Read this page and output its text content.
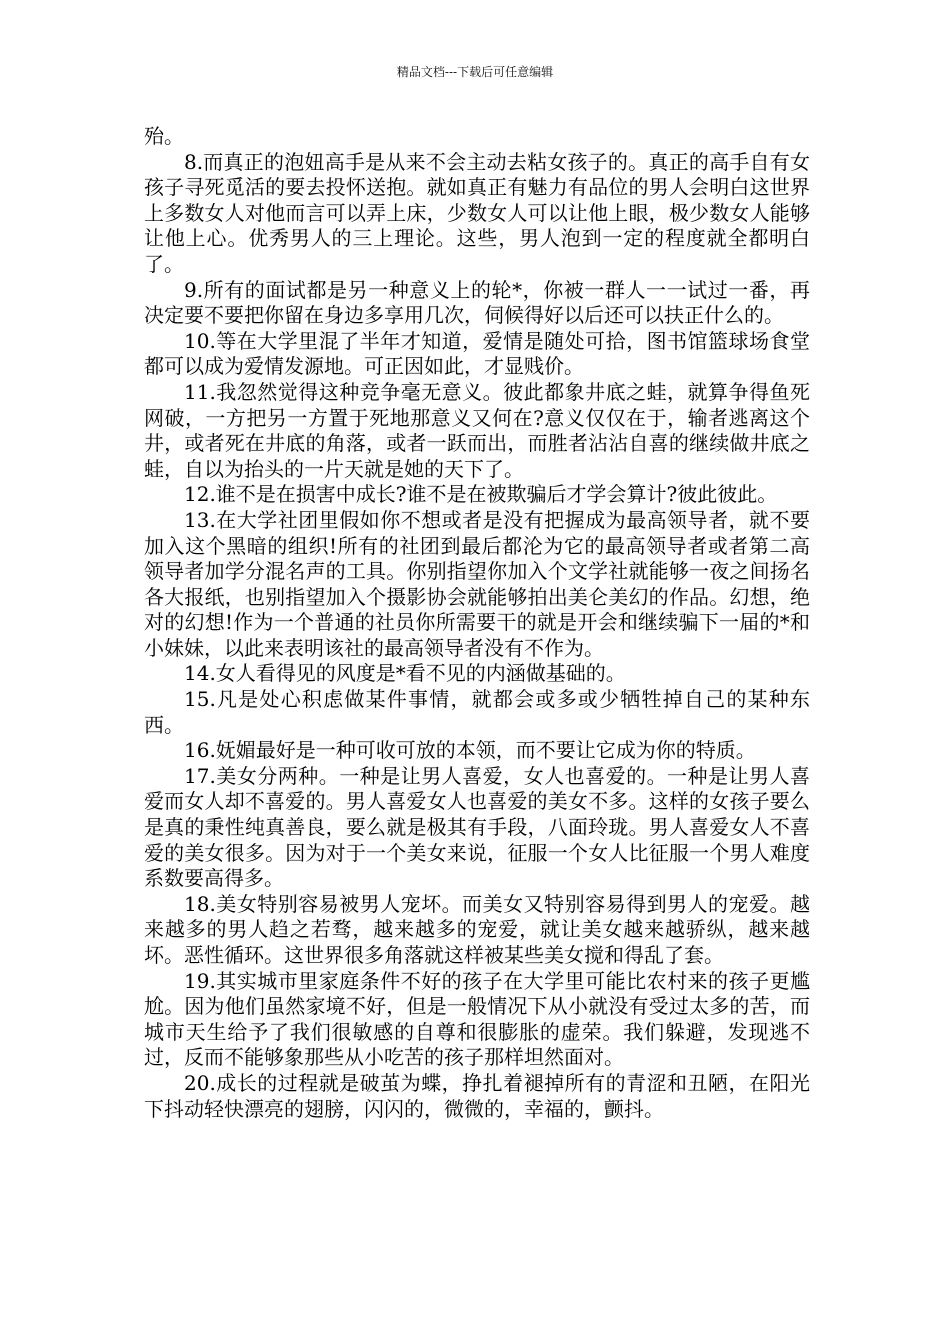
精品文档---下载后可任意编辑

殆。

8.而真正的泡妞高手是从来不会主动去粘女孩子的。真正的高手自有女孩子寻死觅活的要去投怀送抱。就如真正有魅力有品位的男人会明白这世界上多数女人对他而言可以弄上床，少数女人可以让他上眼，极少数女人能够让他上心。优秀男人的三上理论。这些，男人泡到一定的程度就全都明白了。

9.所有的面试都是另一种意义上的轮*，你被一群人一一试过一番，再决定要不要把你留在身边多享用几次，伺候得好以后还可以扶正什么的。

10.等在大学里混了半年才知道，爱情是随处可拾，图书馆篮球场食堂都可以成为爱情发源地。可正因如此，才显贱价。

11.我忽然觉得这种竞争毫无意义。彼此都象井底之蛙，就算争得鱼死网破，一方把另一方置于死地那意义又何在?意义仅仅在于，输者逃离这个井，或者死在井底的角落，或者一跃而出，而胜者沾沾自喜的继续做井底之蛙，自以为抬头的一片天就是她的天下了。

12.谁不是在损害中成长?谁不是在被欺骗后才学会算计?彼此彼此。

13.在大学社团里假如你不想或者是没有把握成为最高领导者，就不要加入这个黑暗的组织!所有的社团到最后都沦为它的最高领导者或者第二高领导者加学分混名声的工具。你别指望你加入个文学社就能够一夜之间扬名各大报纸，也别指望加入个摄影协会就能够拍出美仑美幻的作品。幻想，绝对的幻想!作为一个普通的社员你所需要干的就是开会和继续骗下一届的*和小妹妹，以此来表明该社的最高领导者没有不作为。

14.女人看得见的风度是*看不见的内涵做基础的。

15.凡是处心积虑做某件事情，就都会或多或少牺牲掉自己的某种东西。

16.妩媚最好是一种可收可放的本领，而不要让它成为你的特质。

17.美女分两种。一种是让男人喜爱，女人也喜爱的。一种是让男人喜爱而女人却不喜爱的。男人喜爱女人也喜爱的美女不多。这样的女孩子要么是真的秉性纯真善良，要么就是极其有手段，八面玲珑。男人喜爱女人不喜爱的美女很多。因为对于一个美女来说，征服一个女人比征服一个男人难度系数要高得多。

18.美女特别容易被男人宠坏。而美女又特别容易得到男人的宠爱。越来越多的男人趋之若骛，越来越多的宠爱，就让美女越来越骄纵，越来越坏。恶性循环。这世界很多角落就这样被某些美女搅和得乱了套。

19.其实城市里家庭条件不好的孩子在大学里可能比农村来的孩子更尴尬。因为他们虽然家境不好，但是一般情况下从小就没有受过太多的苦，而城市天生给予了我们很敏感的自尊和很膨胀的虚荣。我们躲避，发现逃不过，反而不能够象那些从小吃苦的孩子那样坦然面对。

20.成长的过程就是破茧为蝶，挣扎着褪掉所有的青涩和丑陋，在阳光下抖动轻快漂亮的翅膀，闪闪的，微微的，幸福的，颤抖。
